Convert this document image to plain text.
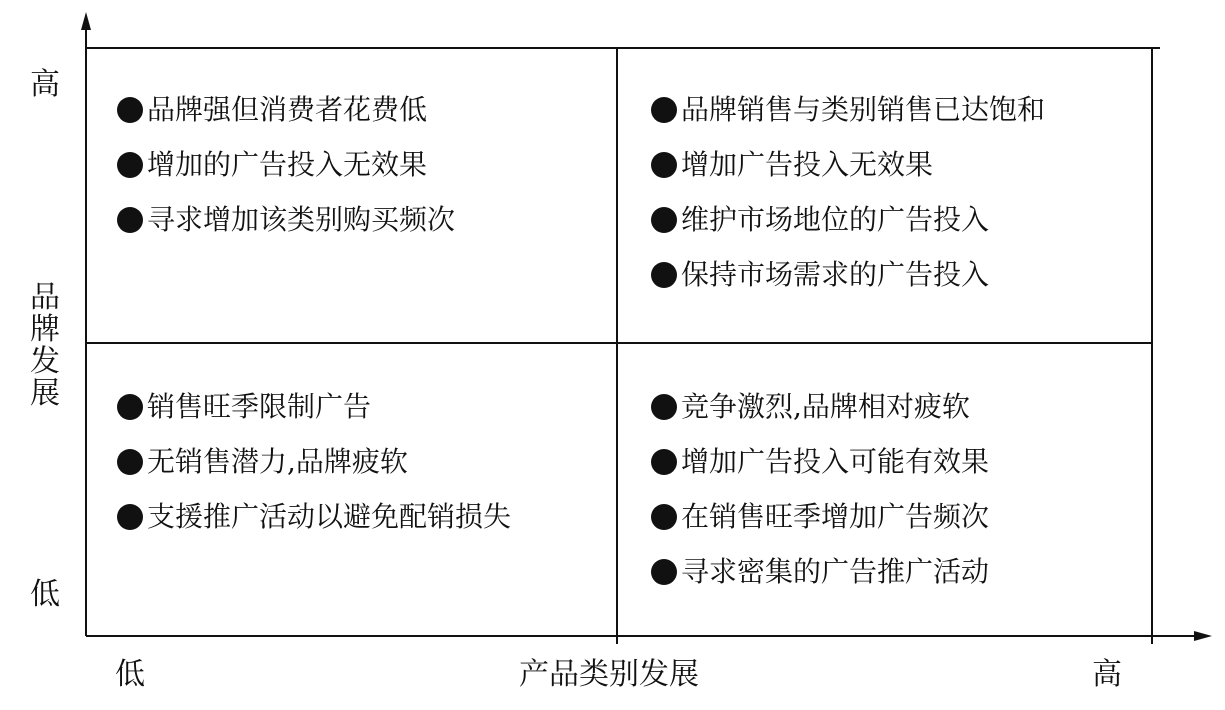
高
品牌发展
低
低	产品类别发展	高
品牌强但消费者花费低
增加的广告投入无效果
寻求增加该类别购买频次
品牌销售与类别销售已达饱和
增加广告投入无效果
维护市场地位的广告投入
保持市场需求的广告投入
销售旺季限制广告
无销售潜力,品牌疲软
支援推广活动以避免配销损失
竞争激烈,品牌相对疲软
增加广告投入可能有效果
在销售旺季增加广告频次
寻求密集的广告推广活动
